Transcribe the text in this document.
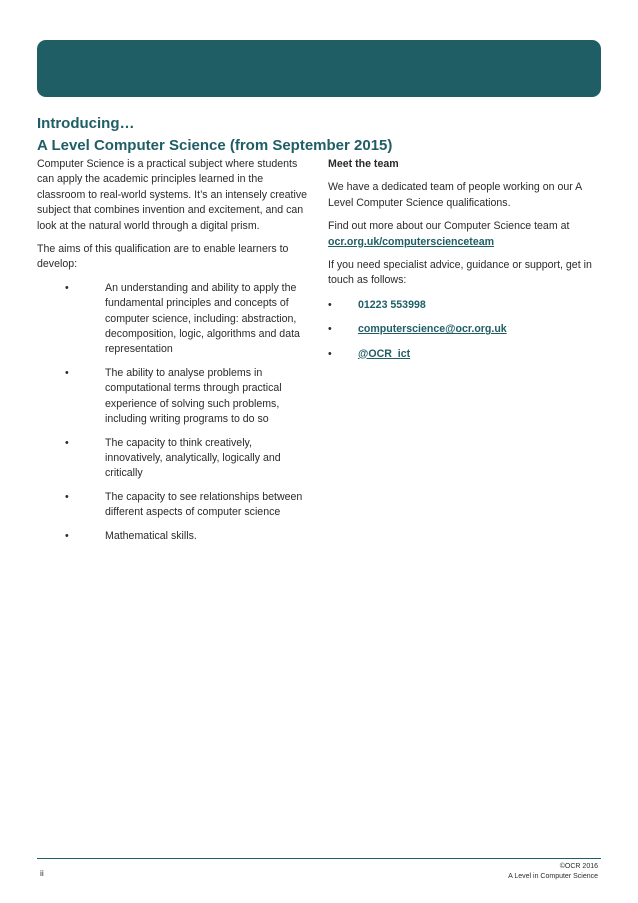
Introducing…
A Level Computer Science (from September 2015)

Computer Science is a practical subject where students can apply the academic principles learned in the classroom to real-world systems. It’s an intensely creative subject that combines invention and excitement, and can look at the natural world through a digital prism.

The aims of this qualification are to enable learners to develop:

•	An understanding and ability to apply the fundamental principles and concepts of computer science, including: abstraction, decomposition, logic, algorithms and data representation
•	The ability to analyse problems in computational terms through practical experience of solving such problems, including writing programs to do so
•	The capacity to think creatively, innovatively, analytically, logically and critically
•	The capacity to see relationships between different aspects of computer science
•	Mathematical skills.

Meet the team

We have a dedicated team of people working on our A Level Computer Science qualifications.

Find out more about our Computer Science team at
ocr.org.uk/computerscienceteam

If you need specialist advice, guidance or support, get in touch as follows:

• 01223 553998
• computerscience@ocr.org.uk
• @OCR_ict
ii
©OCR 2016
A Level in Computer Science
